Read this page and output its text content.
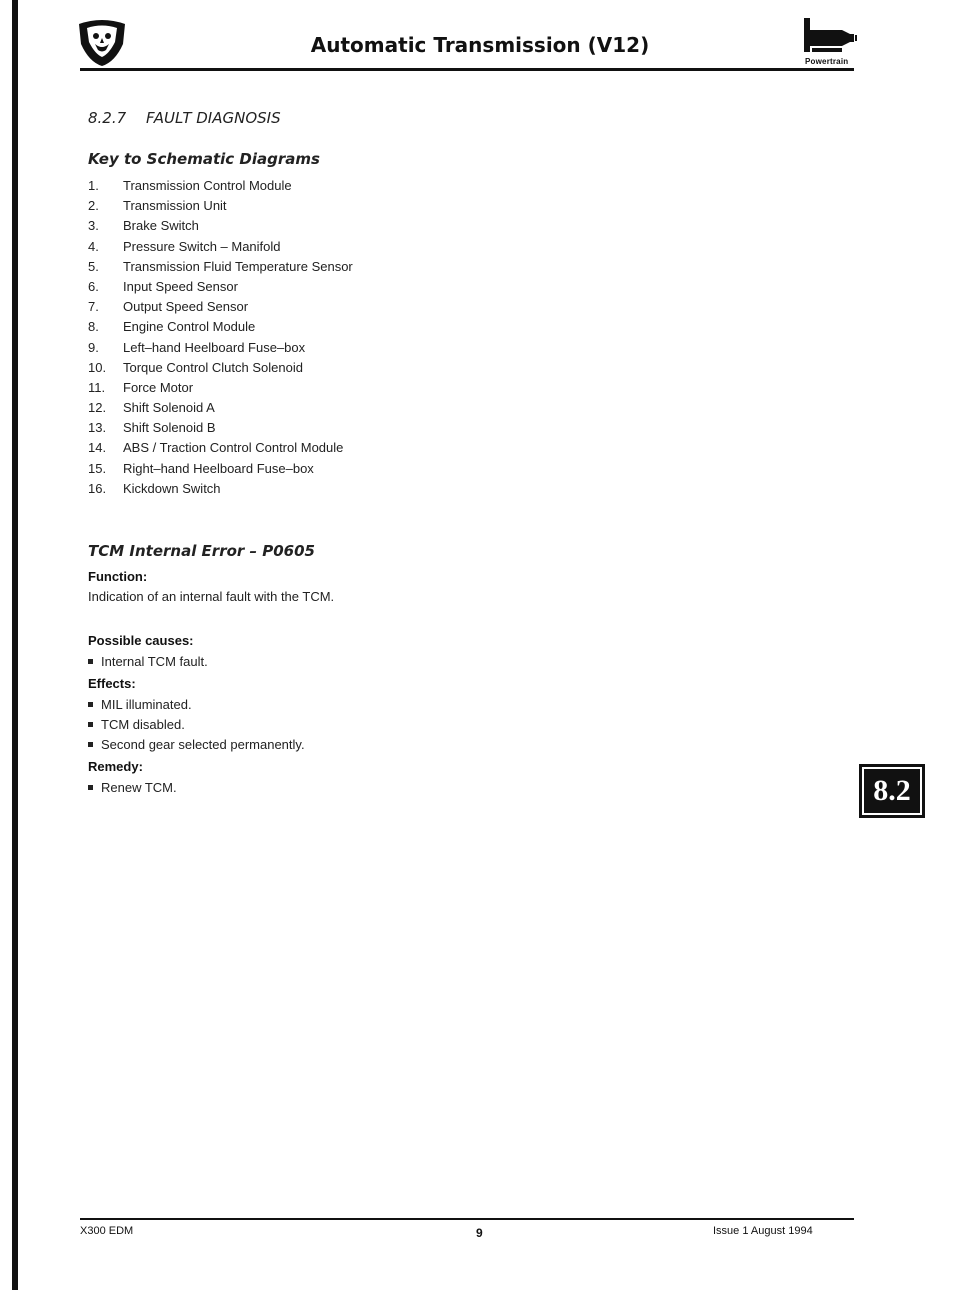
Automatic Transmission (V12)
Powertrain
8.2.7 FAULT DIAGNOSIS
Key to Schematic Diagrams
1. Transmission Control Module
2. Transmission Unit
3. Brake Switch
4. Pressure Switch – Manifold
5. Transmission Fluid Temperature Sensor
6. Input Speed Sensor
7. Output Speed Sensor
8. Engine Control Module
9. Left–hand Heelboard Fuse–box
10. Torque Control Clutch Solenoid
11. Force Motor
12. Shift Solenoid A
13. Shift Solenoid B
14. ABS / Traction Control Control Module
15. Right–hand Heelboard Fuse–box
16. Kickdown Switch
TCM Internal Error – P0605
Function:
Indication of an internal fault with the TCM.
Possible causes:
Internal TCM fault.
Effects:
MIL illuminated.
TCM disabled.
Second gear selected permanently.
Remedy:
Renew TCM.	8.2
X300 EDM	9	Issue 1 August 1994
